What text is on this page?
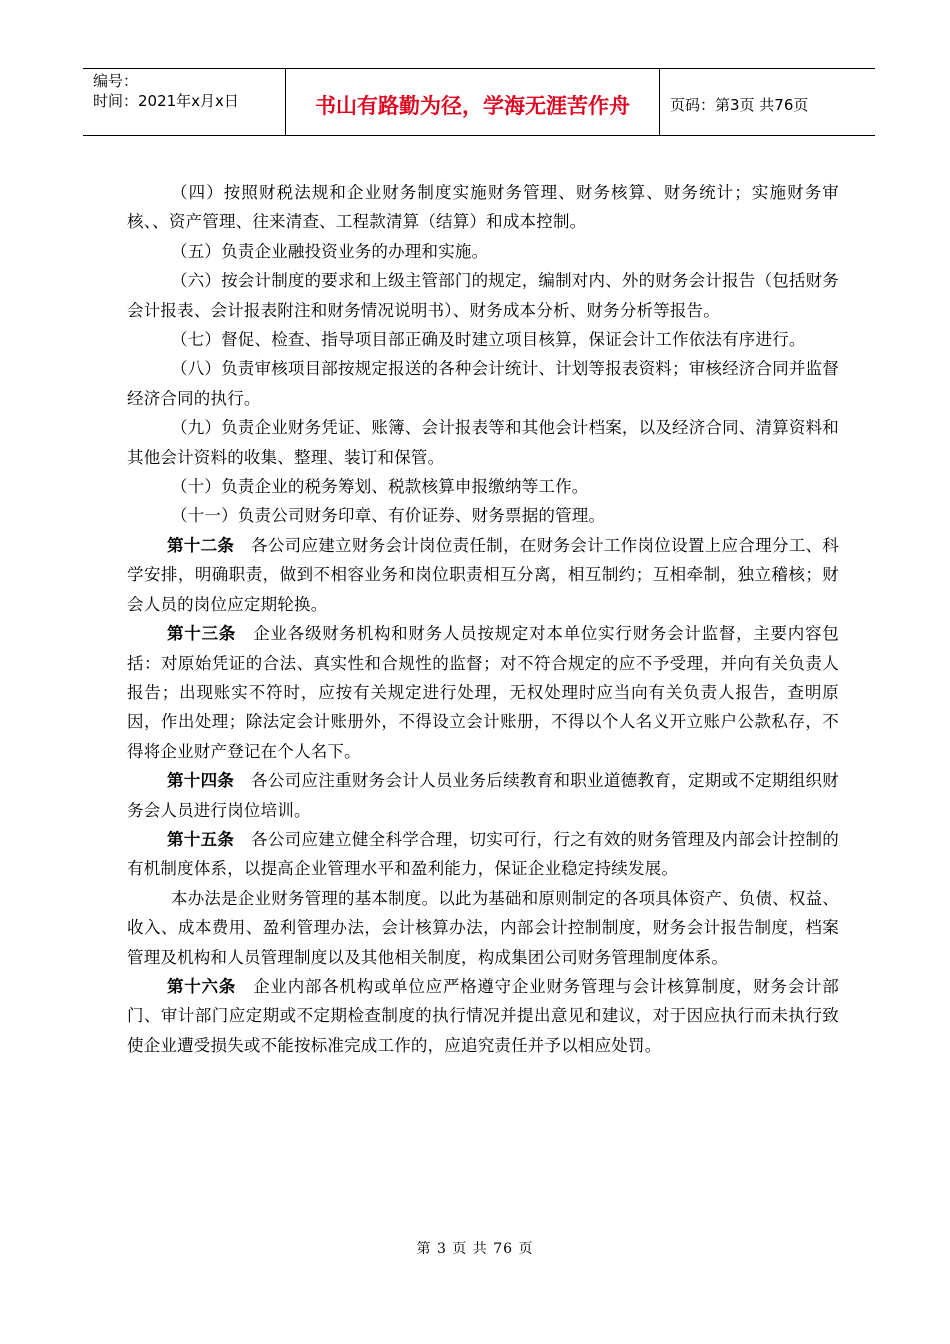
编号：
时间：2021年x月x日	书山有路勤为径，学海无涯苦作舟	页码：第3页 共76页

（四）按照财税法规和企业财务制度实施财务管理、财务核算、财务统计；实施财务审核、、资产管理、往来清查、工程款清算（结算）和成本控制。

（五）负责企业融投资业务的办理和实施。

（六）按会计制度的要求和上级主管部门的规定，编制对内、外的财务会计报告（包括财务会计报表、会计报表附注和财务情况说明书）、财务成本分析、财务分析等报告。

（七）督促、检查、指导项目部正确及时建立项目核算，保证会计工作依法有序进行。

（八）负责审核项目部按规定报送的各种会计统计、计划等报表资料；审核经济合同并监督经济合同的执行。

（九）负责企业财务凭证、账簿、会计报表等和其他会计档案，以及经济合同、清算资料和其他会计资料的收集、整理、装订和保管。

（十）负责企业的税务筹划、税款核算申报缴纳等工作。

（十一）负责公司财务印章、有价证券、财务票据的管理。

第十二条　 各公司应建立财务会计岗位责任制，在财务会计工作岗位设置上应合理分工、科学安排，明确职责，做到不相容业务和岗位职责相互分离，相互制约；互相牵制，独立稽核；财会人员的岗位应定期轮换。

第十三条　 企业各级财务机构和财务人员按规定对本单位实行财务会计监督，主要内容包括：对原始凭证的合法、真实性和合规性的监督；对不符合规定的应不予受理，并向有关负责人报告；出现账实不符时，应按有关规定进行处理，无权处理时应当向有关负责人报告，查明原因，作出处理；除法定会计账册外，不得设立会计账册，不得以个人名义开立账户公款私存，不得将企业财产登记在个人名下。

第十四条　 各公司应注重财务会计人员业务后续教育和职业道德教育，定期或不定期组织财务会人员进行岗位培训。

第十五条　 各公司应建立健全科学合理，切实可行，行之有效的财务管理及内部会计控制的有机制度体系，以提高企业管理水平和盈利能力，保证企业稳定持续发展。

本办法是企业财务管理的基本制度。以此为基础和原则制定的各项具体资产、负债、权益、收入、成本费用、盈利管理办法，会计核算办法，内部会计控制制度，财务会计报告制度，档案管理及机构和人员管理制度以及其他相关制度，构成集团公司财务管理制度体系。

第十六条　 企业内部各机构或单位应严格遵守企业财务管理与会计核算制度，财务会计部门、审计部门应定期或不定期检查制度的执行情况并提出意见和建议，对于因应执行而未执行致使企业遭受损失或不能按标准完成工作的，应追究责任并予以相应处罚。

第 3 页 共 76 页
